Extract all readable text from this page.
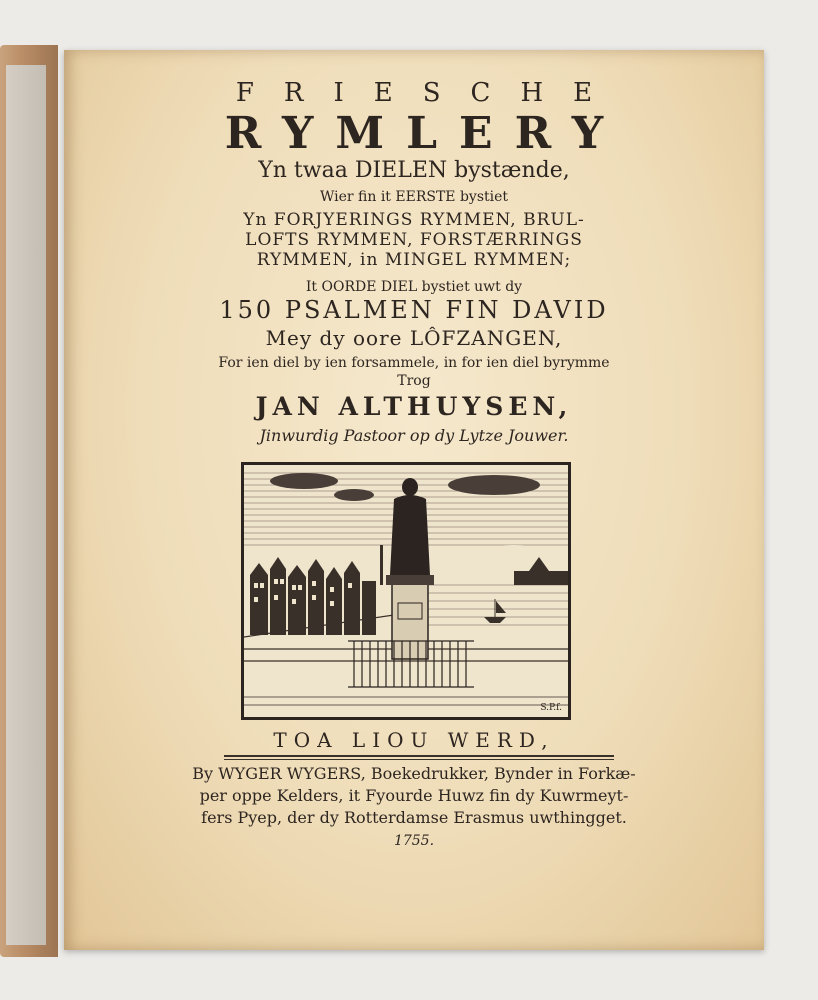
FRIESCHE
RYMLERY
Yn twaa DIELEN bystænde,
Wier fin it EERSTE bystiet
Yn FORJYERINGS RYMMEN, BRUL-
LOFTS RYMMEN, FORSTÆRRINGS
RYMMEN, in MINGEL RYMMEN;
It OORDE DIEL bystiet uwt dy
150 PSALMEN FIN DAVID
Mey dy oore LÔFZANGEN,
For ien diel by ien forsammele, in for ien diel byrymme
Trog
JAN ALTHUYSEN,
Jinwurdig Pastoor op dy Lytze Jouwer.
S.P.f.
TOA LIOU WERD,
By WYGER WYGERS, Boekedrukker, Bynder in Forkæ-
per oppe Kelders, it Fyourde Huwz fin dy Kuwrmeyt-
fers Pyep, der dy Rotterdamse Erasmus uwthingget.
1755.
